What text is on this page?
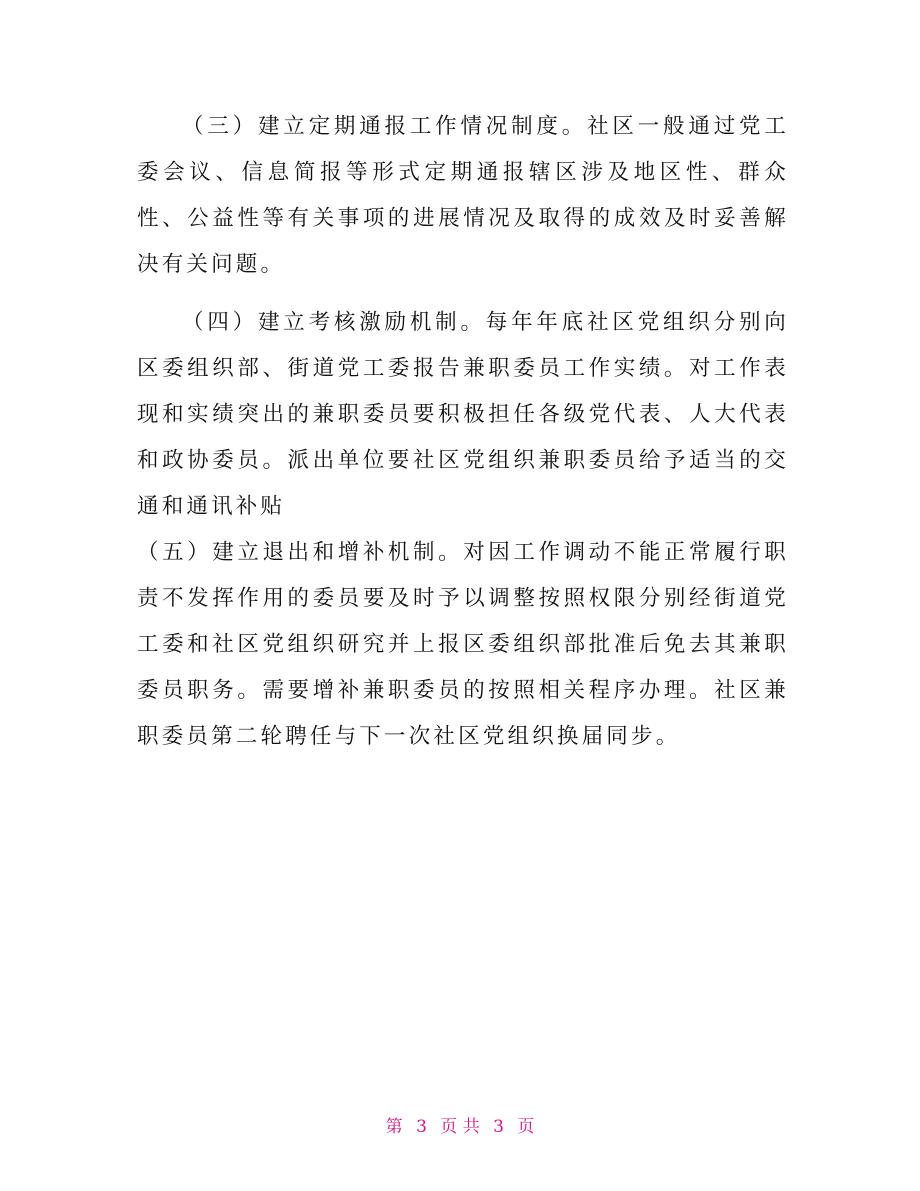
（三）建立定期通报工作情况制度。社区一般通过党工委会议、信息简报等形式定期通报辖区涉及地区性、群众性、公益性等有关事项的进展情况及取得的成效及时妥善解决有关问题。

（四）建立考核激励机制。每年年底社区党组织分别向区委组织部、街道党工委报告兼职委员工作实绩。对工作表现和实绩突出的兼职委员要积极担任各级党代表、人大代表和政协委员。派出单位要社区党组织兼职委员给予适当的交通和通讯补贴

（五）建立退出和增补机制。对因工作调动不能正常履行职责不发挥作用的委员要及时予以调整按照权限分别经街道党工委和社区党组织研究并上报区委组织部批准后免去其兼职委员职务。需要增补兼职委员的按照相关程序办理。社区兼职委员第二轮聘任与下一次社区党组织换届同步。

第 3 页 共 3 页
